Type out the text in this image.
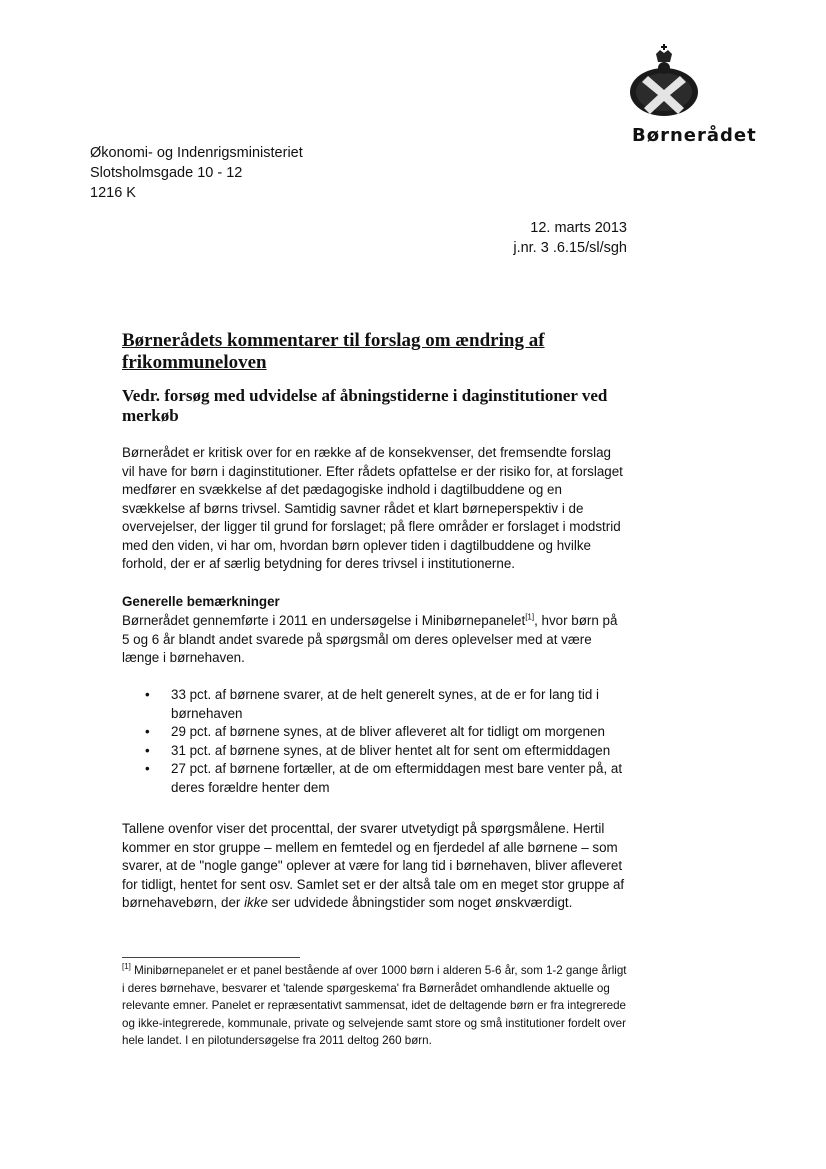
Børnerådet
Økonomi- og Indenrigsministeriet
Slotsholmsgade 10 - 12
1216 K
12. marts 2013
j.nr. 3 .6.15/sl/sgh
Børnerådets kommentarer til forslag om ændring af frikommuneloven
Vedr. forsøg med udvidelse af åbningstiderne i daginstitutioner ved merkøb

Børnerådet er kritisk over for en række af de konsekvenser, det fremsendte forslag vil have for børn i daginstitutioner. Efter rådets opfattelse er der risiko for, at forslaget medfører en svækkelse af det pædagogiske indhold i dagtilbuddene og en svækkelse af børns trivsel. Samtidig savner rådet et klart børneperspektiv i de overvejelser, der ligger til grund for forslaget; på flere områder er forslaget i modstrid med den viden, vi har om, hvordan børn oplever tiden i dagtilbuddene og hvilke forhold, der er af særlig betydning for deres trivsel i institutionerne.

Generelle bemærkninger

Børnerådet gennemførte i 2011 en undersøgelse i Minibørnepanelet[1], hvor børn på 5 og 6 år blandt andet svarede på spørgsmål om deres oplevelser med at være længe i børnehaven.

• 33 pct. af børnene svarer, at de helt generelt synes, at de er for lang tid i børnehaven
• 29 pct. af børnene synes, at de bliver afleveret alt for tidligt om morgenen
• 31 pct. af børnene synes, at de bliver hentet alt for sent om eftermiddagen
• 27 pct. af børnene fortæller, at de om eftermiddagen mest bare venter på, at deres forældre henter dem

Tallene ovenfor viser det procenttal, der svarer utvetydigt på spørgsmålene. Hertil kommer en stor gruppe – mellem en femtedel og en fjerdedel af alle børnene – som svarer, at de "nogle gange" oplever at være for lang tid i børnehaven, bliver afleveret for tidligt, hentet for sent osv. Samlet set er der altså tale om en meget stor gruppe af børnehavebørn, der ikke ser udvidede åbningstider som noget ønskværdigt.

[1] Minibørnepanelet er et panel bestående af over 1000 børn i alderen 5-6 år, som 1-2 gange årligt i deres børnehave, besvarer et 'talende spørgeskema' fra Børnerådet omhandlende aktuelle og relevante emner. Panelet er repræsentativt sammensat, idet de deltagende børn er fra integrerede og ikke-integrerede, kommunale, private og selvejende samt store og små institutioner fordelt over hele landet. I en pilotundersøgelse fra 2011 deltog 260 børn.
